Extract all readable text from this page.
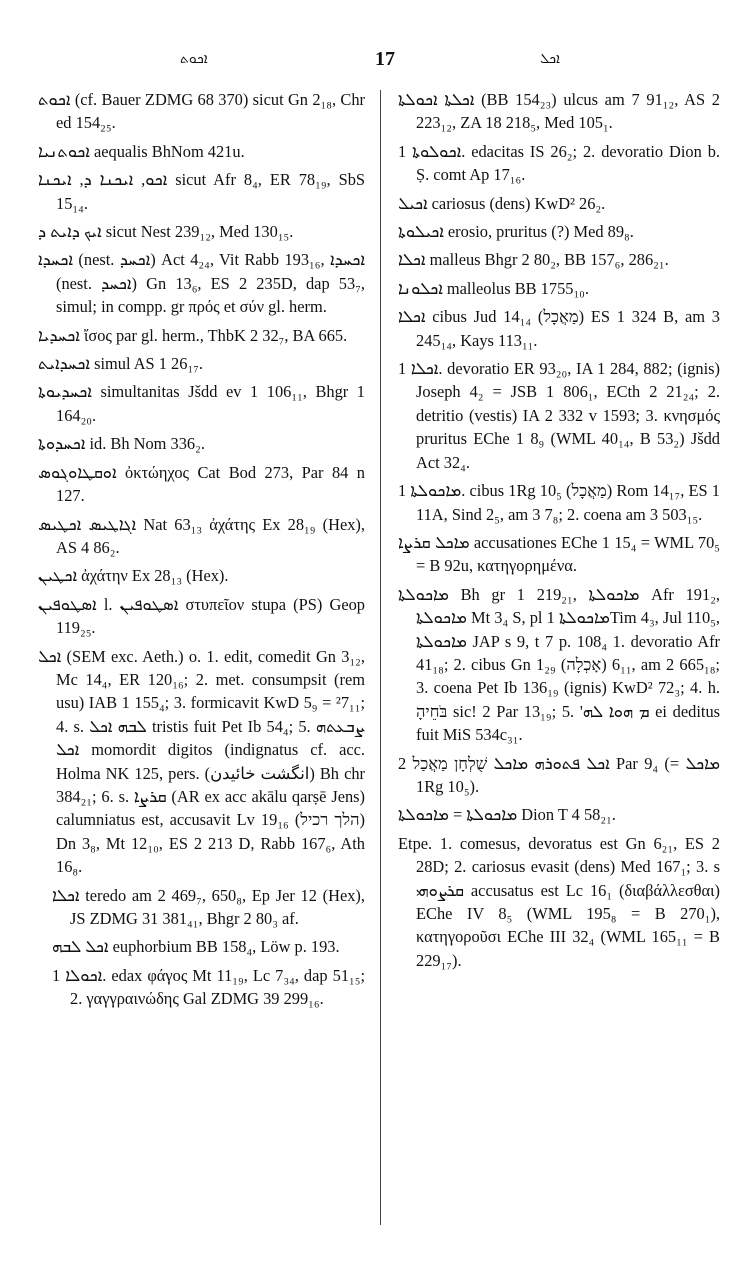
ܐܟܘܬ	17	ܐܟܠ

ܐܟܘܬ (cf. Bauer ZDMG 68 370) sicut Gn 2₁₈, Chr ed 154₂₅.

ܐܟܘܬܢܝܐ aequalis BhNom 421u.

ܐܟܘ, ܐܝܟܢܐ ܕ, ܐܝܟܢܐ sicut Afr 8₄, ER 78₁₉, SbS 15₁₄.

ܐܝܟ ܕܐܝܬ ܕ sicut Nest 239₁₂, Med 130₁₅.

ܐܟܚܕܐ (nest. ܐܟܚܕ) Act 4₂₄, Vit Rabb 193₁₆, ܐܟܚܕܐ (nest. ܐܟܚܕ) Gn 13₆, ES 2 235D, dap 53₇, simul; in compp. gr πρός et σύν gl. herm.

ܐܟܚܕܝܐ ἴσος par gl. herm., ThbK 2 32₇, BA 665.

ܐܟܚܕܐܝܬ simul AS 1 26₁₇.

ܐܟܚܕܝܘܬܐ simultanitas Jšdd ev 1 106₁₁, Bhgr 1 164₂₀.

ܐܟܚܕܘܬܐ id. Bh Nom 336₂.

ܐܘܩܛܐܘܓܘܣ ὀκτώηχος Cat Bod 273, Par 84 n 127.

ܐܓܐܛܝܣ ܐܟܛܝܣ Nat 63₁₃ ἀχάτης Ex 28₁₉ (Hex), AS 4 86₂.

ܐܟܛܝܢ ἀχάτην Ex 28₁₃ (Hex).

ܐܣܛܘܦܝܢ l. ܐܣܛܘܦܝܢ στυπεῖον stupa (PS) Geop 119₂₅.

ܐܟܠ (SEM exc. Aeth.) o. 1. edit, comedit Gn 3₁₂, Mc 14₄, ER 120₁₆; 2. met. consumpsit (rem usu) IAB 1 155₄; 3. formicavit KwD 5₉ = ²7₁₁; 4. s. ܠܒܗ ܐܟܠ tristis fuit Pet Ib 54₄; 5. ܨܒܥܬܗ ܐܟܠ momordit digitos (indignatus cf. acc. Holma NK 125, pers. (انگشت خائیدن) Bh chr 384₂₁; 6. s. ܩܪܨܐ (AR ex acc akālu qarṣē Jens) calumniatus est, accusavit Lv 19₁₆ (הלך רכיל) Dn 3₈, Mt 12₁₀, ES 2 213 D, Rabb 167₆, Ath 16₈.

ܐܟܠܐ teredo am 2 469₇, 650₈, Ep Jer 12 (Hex), JS ZDMG 31 381₄₁, Bhgr 2 80₃ af.

ܐܟܠ ܠܒܗ euphorbium BB 158₄, Löw p. 193.

ܐܟܘܠܐ 1. edax φάγος Mt 11₁₉, Lc 7₃₄, dap 51₁₅; 2. γαγγραινώδης Gal ZDMG 39 299₁₆.

ܐܟܠܬܐ ܐܟܘܠܬܐ (BB 154₂₃) ulcus am 7 91₁₂, AS 2 223₁₂, ZA 18 218₅, Med 105₁.

ܐܟܘܠܘܬܐ 1. edacitas IS 26₂; 2. devoratio Dion b. Ṣ. comt Ap 17₁₆.

ܐܟܝܠ cariosus (dens) KwD² 26₂.

ܐܟܝܠܘܬܐ erosio, pruritus (?) Med 89₈.

ܐܟܠܐ malleus Bhgr 2 80₂, BB 157₆, 286₂₁.

ܐܟܠܘܢܐ malleolus BB 1755₁₀.

ܐܟܠܐ cibus Jud 14₁₄ (מַאֲכָל) ES 1 324 B, am 3 245₁₄, Kays 113₁₁.

ܐܟܠܐ 1. devoratio ER 93₂₀, IA 1 284, 882; (ignis) Joseph 4₂ = JSB 1 806₁, ECth 2 21₂₄; 2. detritio (vestis) IA 2 332 v 1593; 3. κνησμός pruritus EChe 1 8₉ (WML 40₁₄, B 53₂) Jšdd Act 32₄.

ܡܐܟܘܠܬܐ 1. cibus 1Rg 10₅ (מַאֲכָל) Rom 14₁₇, ES 1 11A, Sind 2₅, am 3 7₈; 2. coena am 3 503₁₅.

ܡܐܟܠ ܩܪܨܐ accusationes EChe 1 15₄ = WML 70₅ = B 92u, κατηγορημένα.

ܡܐܟܘܠܬܐ Bh gr 1 219₂₁, ܡܐܟܘܠܬܐ Afr 191₂, ܡܐܟܘܠܬܐ Mt 3₄ S, pl ܡܐܟܘܠܬܐ 1Tim 4₃, Jul 110₅, ܡܐܟܘܠܬܐ JAP s 9, t 7 p. 108₄ 1. devoratio Afr 41₁₈; 2. cibus Gn 1₂₉ (אָכְלָה) 6₁₁, am 2 665₁₈; 3. coena Pet Ib 136₁₉ (ignis) KwD² 72₃; 4. h. בֹּחֵיהָ sic! 2 Par 13₁₉; 5. 'ܡ ܗܘܐ ܠܗ ei deditus fuit MiS 534c₃₁.

ܐܟܠ ܦܬܘܪܗ ܡܐܟܠ שֻׁלְחָן מַאֲכַל 2 Par 9₄ (= ܡܐܟܠ 1Rg 10₅).

ܡܐܟܘܠܬܐ = ܡܐܟܘܠܬܐ Dion T 4 58₂₁.

Etpe. 1. comesus, devoratus est Gn 6₂₁, ES 2 28D; 2. cariosus evasit (dens) Med 167₁; 3. s ܩܪܨܘܗܝ accusatus est Lc 16₁ (διαβάλλεσθαι) EChe IV 8₅ (WML 195₈ = B 270₁), κατηγοροῦσι EChe III 32₄ (WML 165₁₁ = B 229₁₇).
